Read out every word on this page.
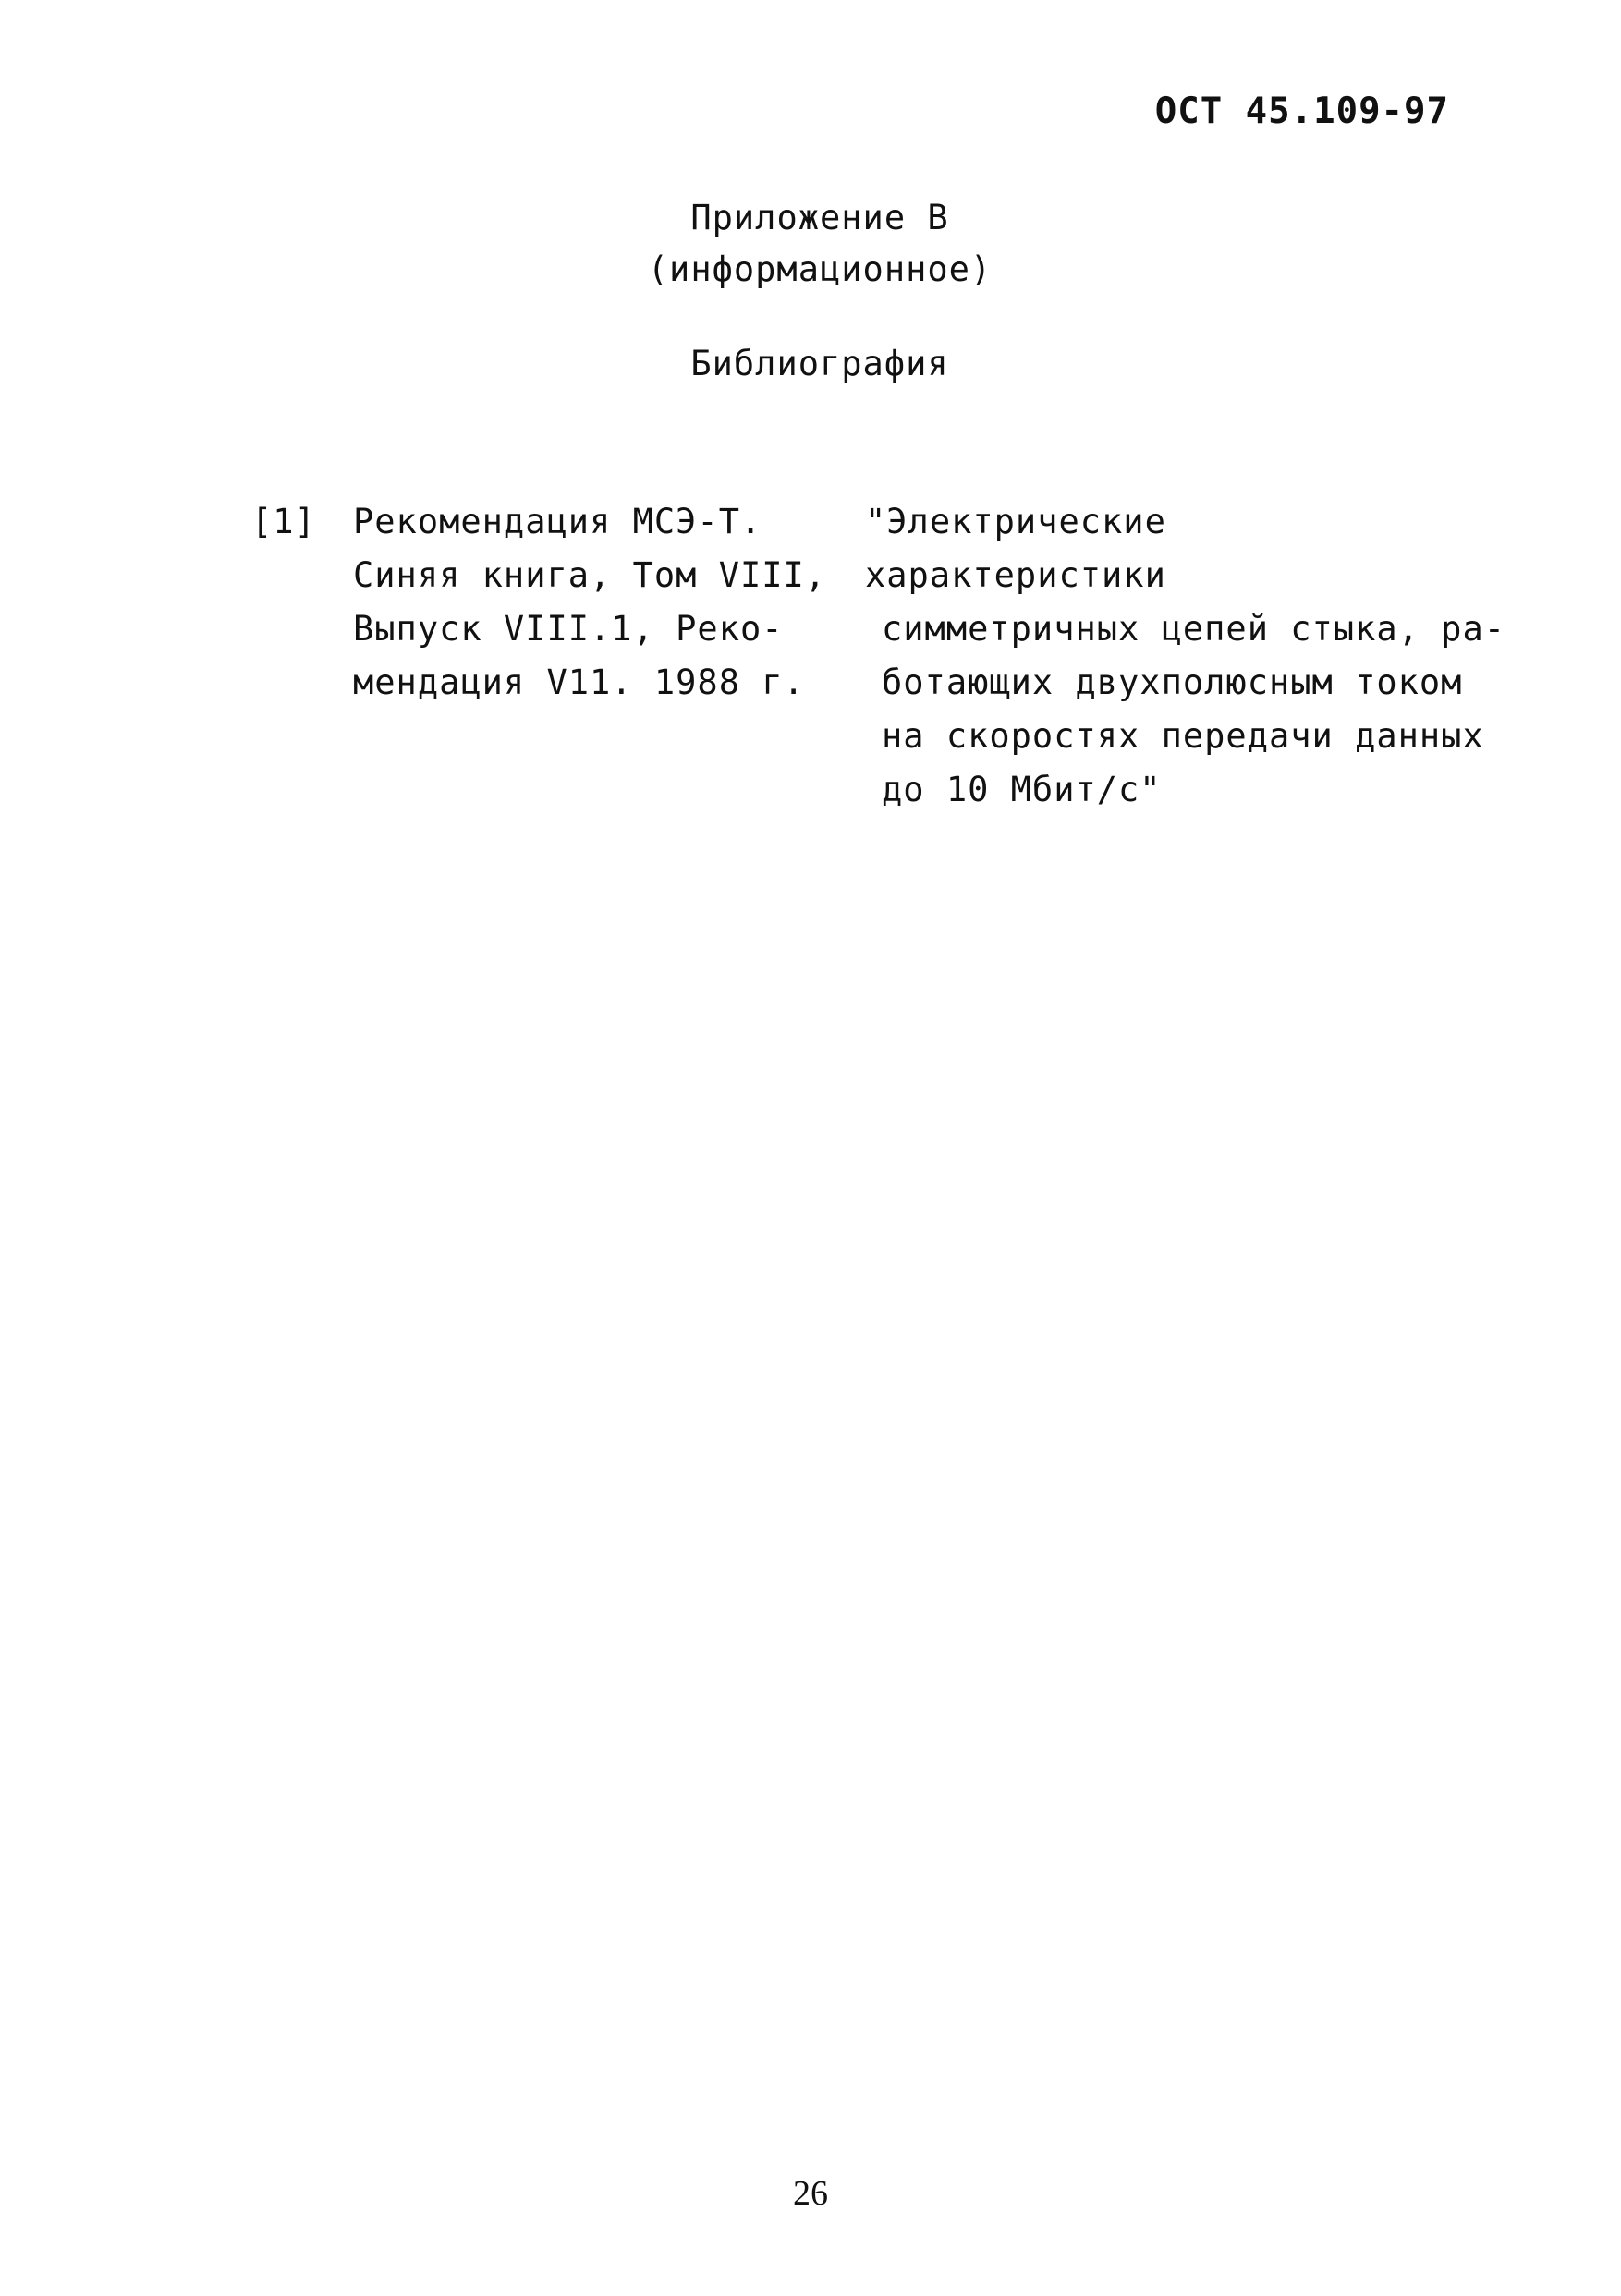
ОСТ 45.109-97
Приложение В
(информационное)
Библиография
[1] Рекомендация МСЭ-Т.
Синяя книга, Том VIII,
Выпуск VIII.1, Реко-
мендация V11. 1988 г.
"Электрические характеристики
симметричных цепей стыка, ра-
ботающих двухполюсным током
на скоростях передачи данных
до 10 Мбит/с"
26
